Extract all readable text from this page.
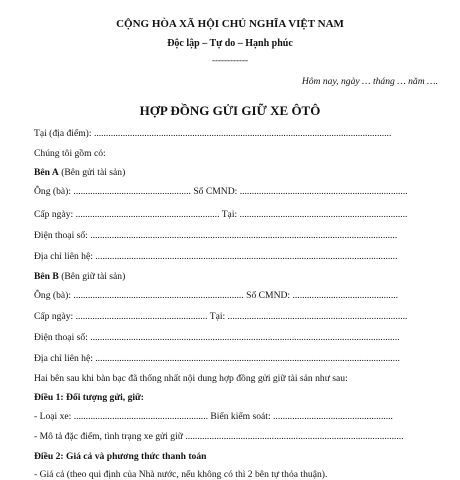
CỘNG HÒA XÃ HỘI CHỦ NGHĨA VIỆT NAM
Độc lập – Tự do – Hạnh phúc
------------
Hôm nay, ngày … tháng … năm ….
HỢP ĐỒNG GỬI GIỮ XE ÔTÔ
Tại (địa điểm): ............................................................................................................................
Chúng tôi gồm có:
Bên A (Bên gửi tài sản)
Ông (bà): ................................................. Số CMND: ......................................................................
Cấp ngày: ............................................................ Tại: ......................................................................
Điện thoại số: ................................................................................................................................
Địa chỉ liên hệ: ..............................................................................................................................
Bên B (Bên giữ tài sản)
Ông (bà): ....................................................................... Số CMND: ............................................
Cấp ngày: ....................................................... Tại: ...........................................................................
Điện thoại số: .................................................................................................................................
Địa chỉ liên hệ: ...............................................................................................................................
Hai bên sau khi bàn bạc đã thống nhất nội dung hợp đồng gửi giữ tài sản như sau:
Điều 1: Đối tượng gửi, giữ:
- Loại xe: ........................................................ Biển kiểm soát: ..................................................
- Mô tả đặc điểm, tình trạng xe gửi giữ ...........................................................................................
Điều 2: Giá cả và phương thức thanh toán
- Giá cả (theo qui định của Nhà nước, nếu không có thì 2 bên tự thỏa thuận).
